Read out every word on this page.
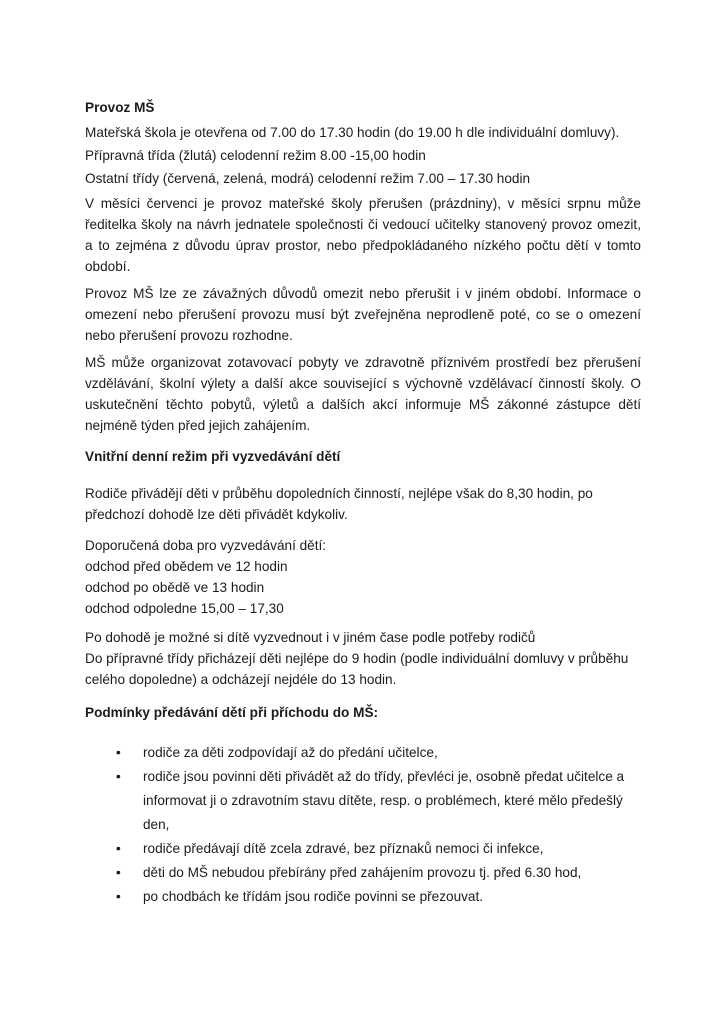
Provoz MŠ

Mateřská škola je otevřena od 7.00 do 17.30 hodin (do 19.00 h dle individuální domluvy).

Přípravná třída (žlutá) celodenní režim 8.00 -15,00 hodin

Ostatní třídy (červená, zelená, modrá) celodenní režim 7.00 – 17.30 hodin

V měsíci červenci je provoz mateřské školy přerušen (prázdniny), v měsíci srpnu může ředitelka školy na návrh jednatele společnosti či vedoucí učitelky stanovený provoz omezit, a to zejména z důvodu úprav prostor, nebo předpokládaného nízkého počtu dětí v tomto období.

Provoz MŠ lze ze závažných důvodů omezit nebo přerušit i v jiném období. Informace o omezení nebo přerušení provozu musí být zveřejněna neprodleně poté, co se o omezení nebo přerušení provozu rozhodne.

MŠ může organizovat zotavovací pobyty ve zdravotně příznivém prostředí bez přerušení vzdělávání, školní výlety a další akce související s výchovně vzdělávací činností školy. O uskutečnění těchto pobytů, výletů a dalších akcí informuje MŠ zákonné zástupce dětí nejméně týden před jejich zahájením.

Vnitřní denní režim při vyzvedávání dětí

Rodiče přivádějí děti v průběhu dopoledních činností, nejlépe však do 8,30 hodin, po předchozí dohodě lze děti přivádět kdykoliv.

Doporučená doba pro vyzvedávání dětí:

odchod před obědem ve 12 hodin

odchod po obědě ve 13 hodin

odchod odpoledne 15,00 – 17,30

Po dohodě je možné si dítě vyzvednout i v jiném čase podle potřeby rodičů

Do přípravné třídy přicházejí děti nejlépe do 9 hodin (podle individuální domluvy v průběhu celého dopoledne) a odcházejí nejdéle do 13 hodin.

Podmínky předávání dětí při příchodu do MŠ:

• rodiče za děti zodpovídají až do předání učitelce,
• rodiče jsou povinni děti přivádět až do třídy, převléci je, osobně předat učitelce a informovat ji o zdravotním stavu dítěte, resp. o problémech, které mělo předešlý den,
• rodiče předávají dítě zcela zdravé, bez příznaků nemoci či infekce,
• děti do MŠ nebudou přebírány před zahájením provozu tj. před 6.30 hod,
• po chodbách ke třídám jsou rodiče povinni se přezouvat.
